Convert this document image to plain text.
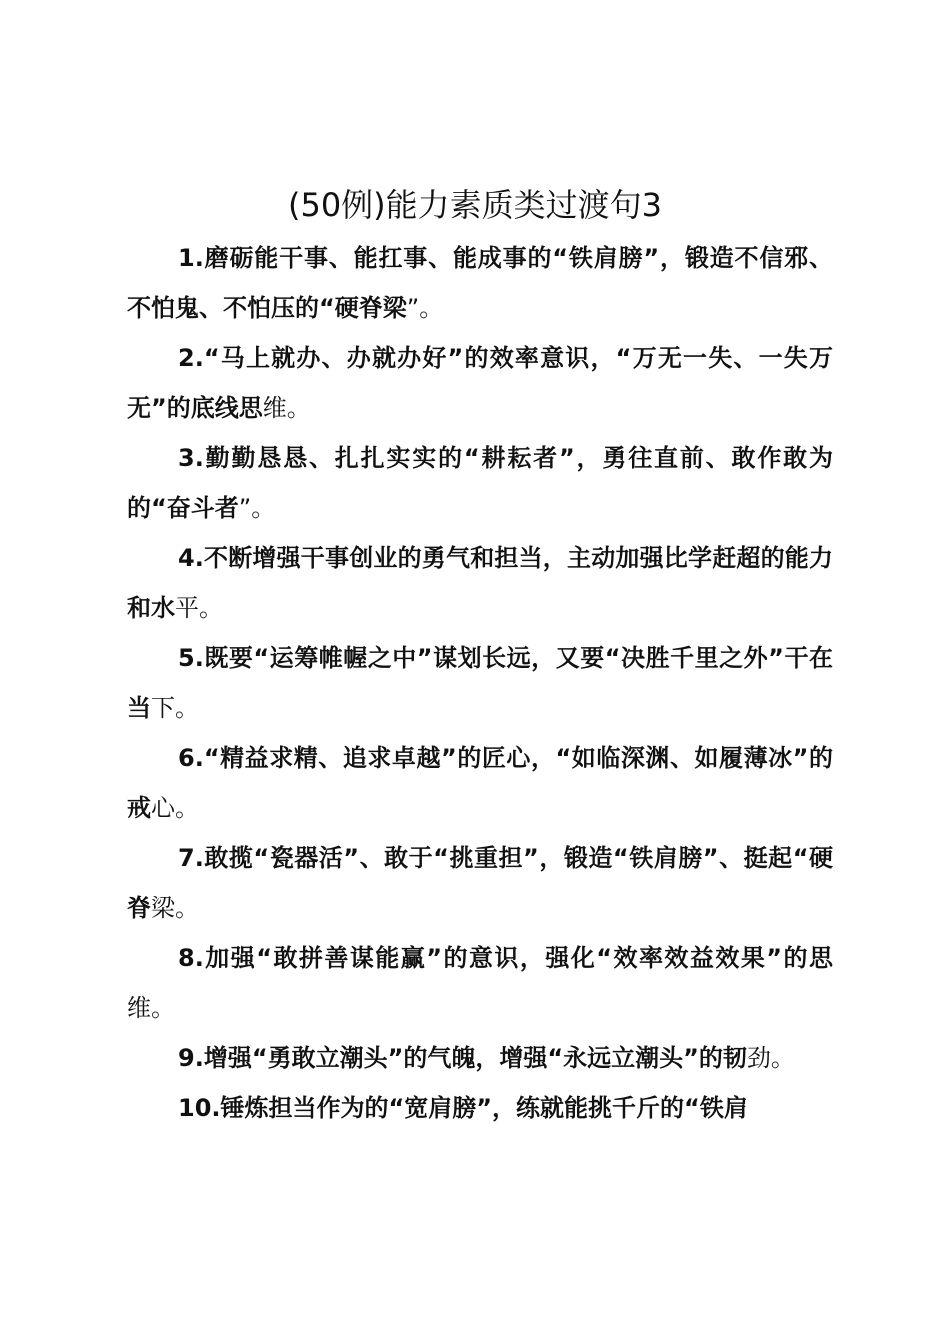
(50例)能力素质类过渡句3

1.磨砺能干事、能扛事、能成事的“铁肩膀”，锻造不信邪、不怕鬼、不怕压的“硬脊梁”。

2.“马上就办、办就办好”的效率意识，“万无一失、一失万无”的底线思维。

3.勤勤恳恳、扎扎实实的“耕耘者”，勇往直前、敢作敢为的“奋斗者”。

4.不断增强干事创业的勇气和担当，主动加强比学赶超的能力和水平。

5.既要“运筹帷幄之中”谋划长远，又要“决胜千里之外”干在当下。

6.“精益求精、追求卓越”的匠心，“如临深渊、如履薄冰”的戒心。

7.敢揽“瓷器活”、敢于“挑重担”，锻造“铁肩膀”、挺起“硬脊梁。

8.加强“敢拼善谋能赢”的意识，强化“效率效益效果”的思维。

9.增强“勇敢立潮头”的气魄，增强“永远立潮头”的韧劲。

10.锤炼担当作为的“宽肩膀”，练就能挑千斤的“铁肩
